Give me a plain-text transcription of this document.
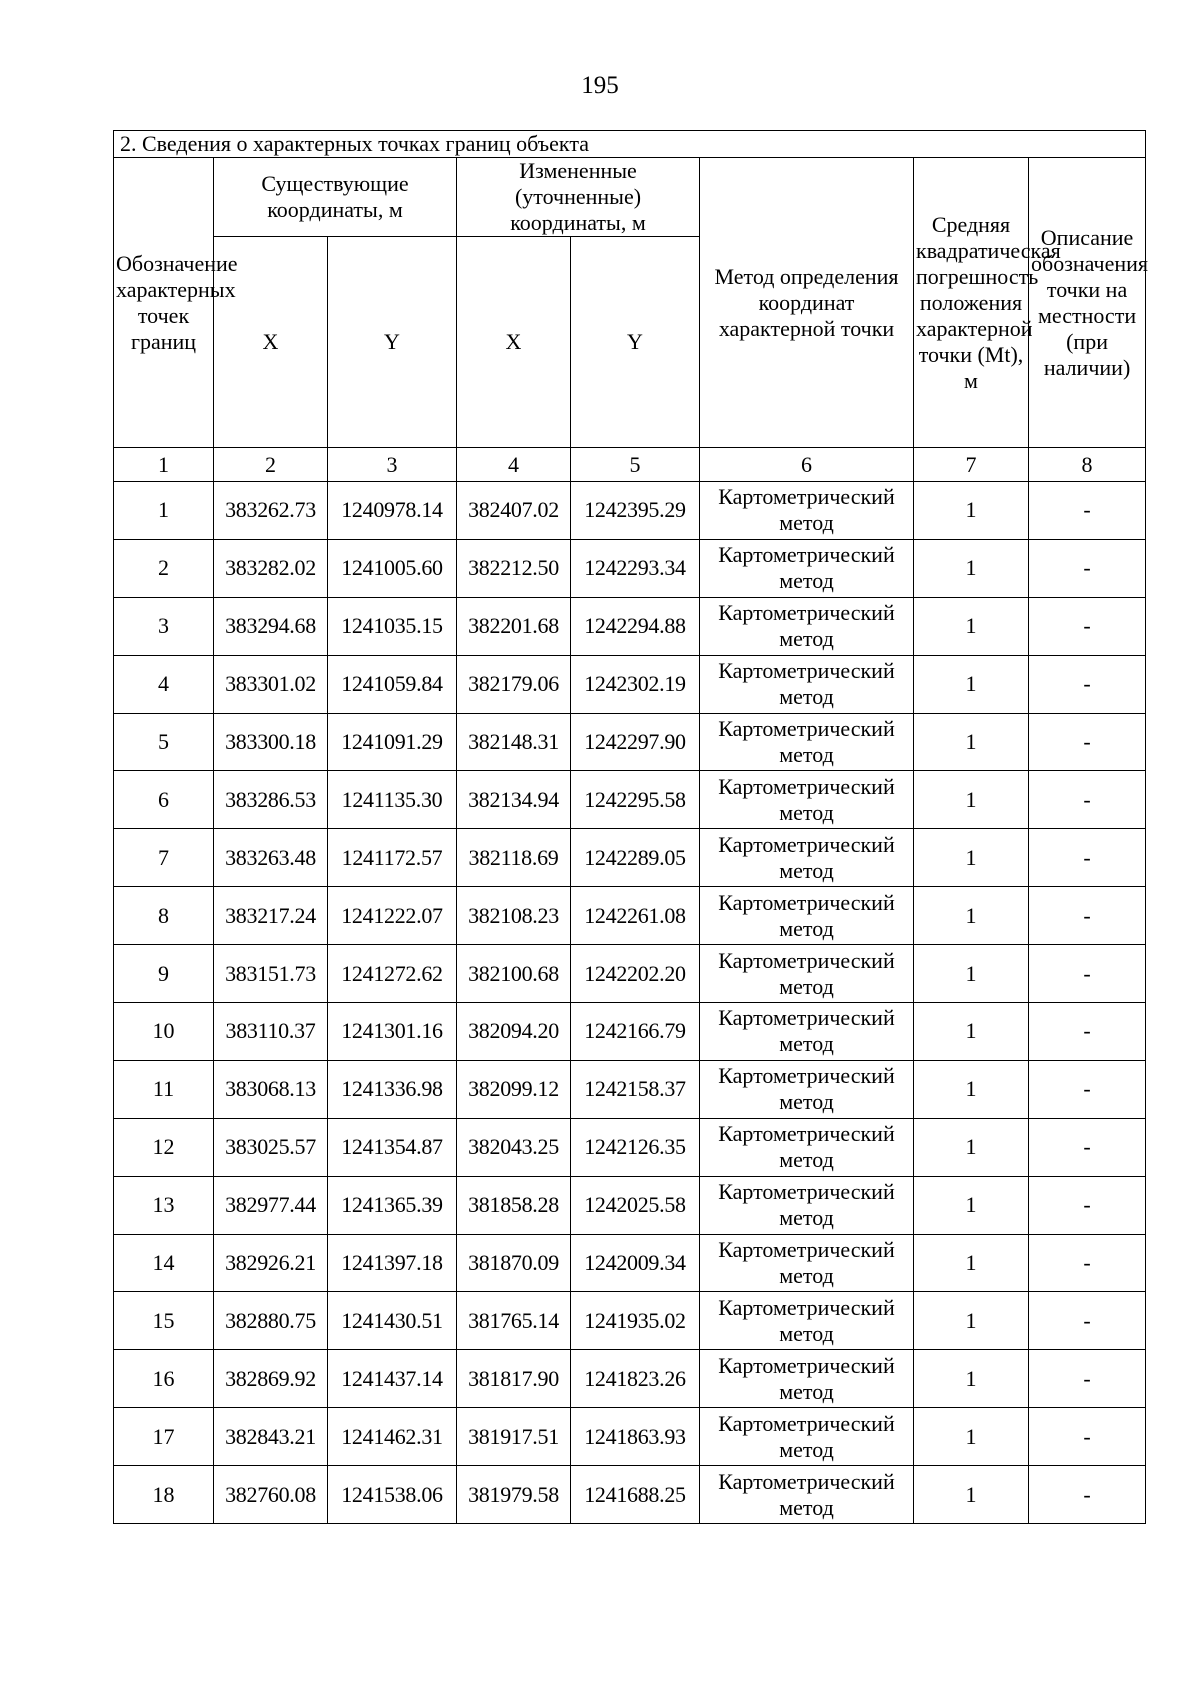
195
2. Сведения о характерных точках границ объекта							
Обозначение характерных точек границ	Существующие координаты, м		Измененные (уточненные) координаты, м		Метод определения координат характерной точки	Средняя квадратическая погрешность положения характерной точки (Mt), м	Описание обозначения точки на местности (при наличии)
	X	Y	X	Y			
1	2	3	4	5	6	7	8
1	383262.73	1240978.14	382407.02	1242395.29	Картометрический метод	1	-
2	383282.02	1241005.60	382212.50	1242293.34	Картометрический метод	1	-
3	383294.68	1241035.15	382201.68	1242294.88	Картометрический метод	1	-
4	383301.02	1241059.84	382179.06	1242302.19	Картометрический метод	1	-
5	383300.18	1241091.29	382148.31	1242297.90	Картометрический метод	1	-
6	383286.53	1241135.30	382134.94	1242295.58	Картометрический метод	1	-
7	383263.48	1241172.57	382118.69	1242289.05	Картометрический метод	1	-
8	383217.24	1241222.07	382108.23	1242261.08	Картометрический метод	1	-
9	383151.73	1241272.62	382100.68	1242202.20	Картометрический метод	1	-
10	383110.37	1241301.16	382094.20	1242166.79	Картометрический метод	1	-
11	383068.13	1241336.98	382099.12	1242158.37	Картометрический метод	1	-
12	383025.57	1241354.87	382043.25	1242126.35	Картометрический метод	1	-
13	382977.44	1241365.39	381858.28	1242025.58	Картометрический метод	1	-
14	382926.21	1241397.18	381870.09	1242009.34	Картометрический метод	1	-
15	382880.75	1241430.51	381765.14	1241935.02	Картометрический метод	1	-
16	382869.92	1241437.14	381817.90	1241823.26	Картометрический метод	1	-
17	382843.21	1241462.31	381917.51	1241863.93	Картометрический метод	1	-
18	382760.08	1241538.06	381979.58	1241688.25	Картометрический метод	1	-
